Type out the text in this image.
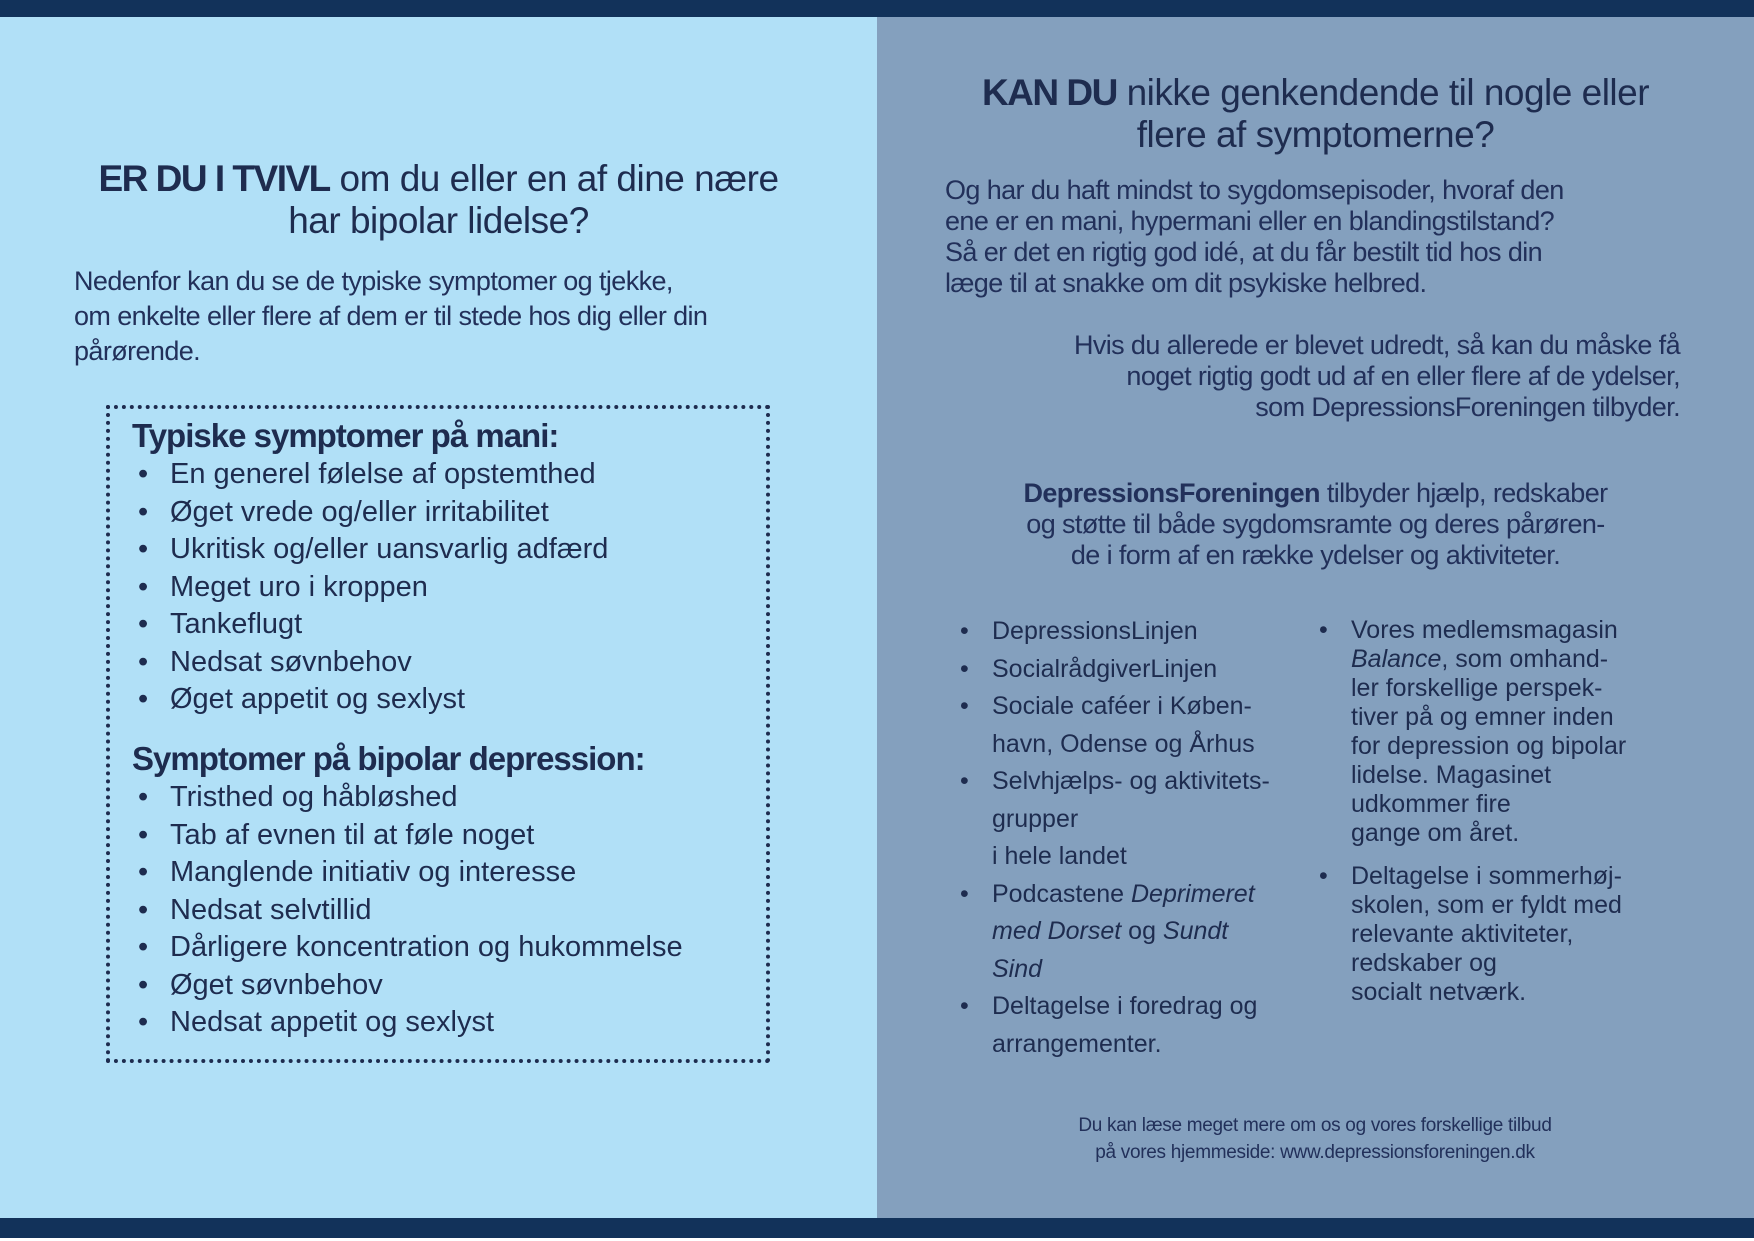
ER DU I TVIVL om du eller en af dine nære
har bipolar lidelse?
Nedenfor kan du se de typiske symptomer og tjekke,
om enkelte eller flere af dem er til stede hos dig eller din
pårørende.
Typiske symptomer på mani:
• En generel følelse af opstemthed
• Øget vrede og/eller irritabilitet
• Ukritisk og/eller uansvarlig adfærd
• Meget uro i kroppen
• Tankeflugt
• Nedsat søvnbehov
• Øget appetit og sexlyst
Symptomer på bipolar depression:
• Tristhed og håbløshed
• Tab af evnen til at føle noget
• Manglende initiativ og interesse
• Nedsat selvtillid
• Dårligere koncentration og hukommelse
• Øget søvnbehov
• Nedsat appetit og sexlyst
KAN DU nikke genkendende til nogle eller
flere af symptomerne?
Og har du haft mindst to sygdomsepisoder, hvoraf den
ene er en mani, hypermani eller en blandingstilstand?
Så er det en rigtig god idé, at du får bestilt tid hos din
læge til at snakke om dit psykiske helbred.
Hvis du allerede er blevet udredt, så kan du måske få
noget rigtig godt ud af en eller flere af de ydelser,
som DepressionsForeningen tilbyder.
DepressionsForeningen tilbyder hjælp, redskaber
og støtte til både sygdomsramte og deres pårøren-
de i form af en række ydelser og aktiviteter.
• DepressionsLinjen
• SocialrådgiverLinjen
• Sociale caféer i Køben-
havn, Odense og Århus
• Selvhjælps- og aktivitets-
grupper
i hele landet
• Podcastene Deprimeret
med Dorset og Sundt
Sind
• Deltagelse i foredrag og
arrangementer.
• Vores medlemsmagasin
Balance, som omhand-
ler forskellige perspek-
tiver på og emner inden
for depression og bipolar
lidelse. Magasinet
udkommer fire
gange om året.
• Deltagelse i sommerhøj-
skolen, som er fyldt med
relevante aktiviteter,
redskaber og
socialt netværk.
Du kan læse meget mere om os og vores forskellige tilbud
på vores hjemmeside: www.depressionsforeningen.dk
